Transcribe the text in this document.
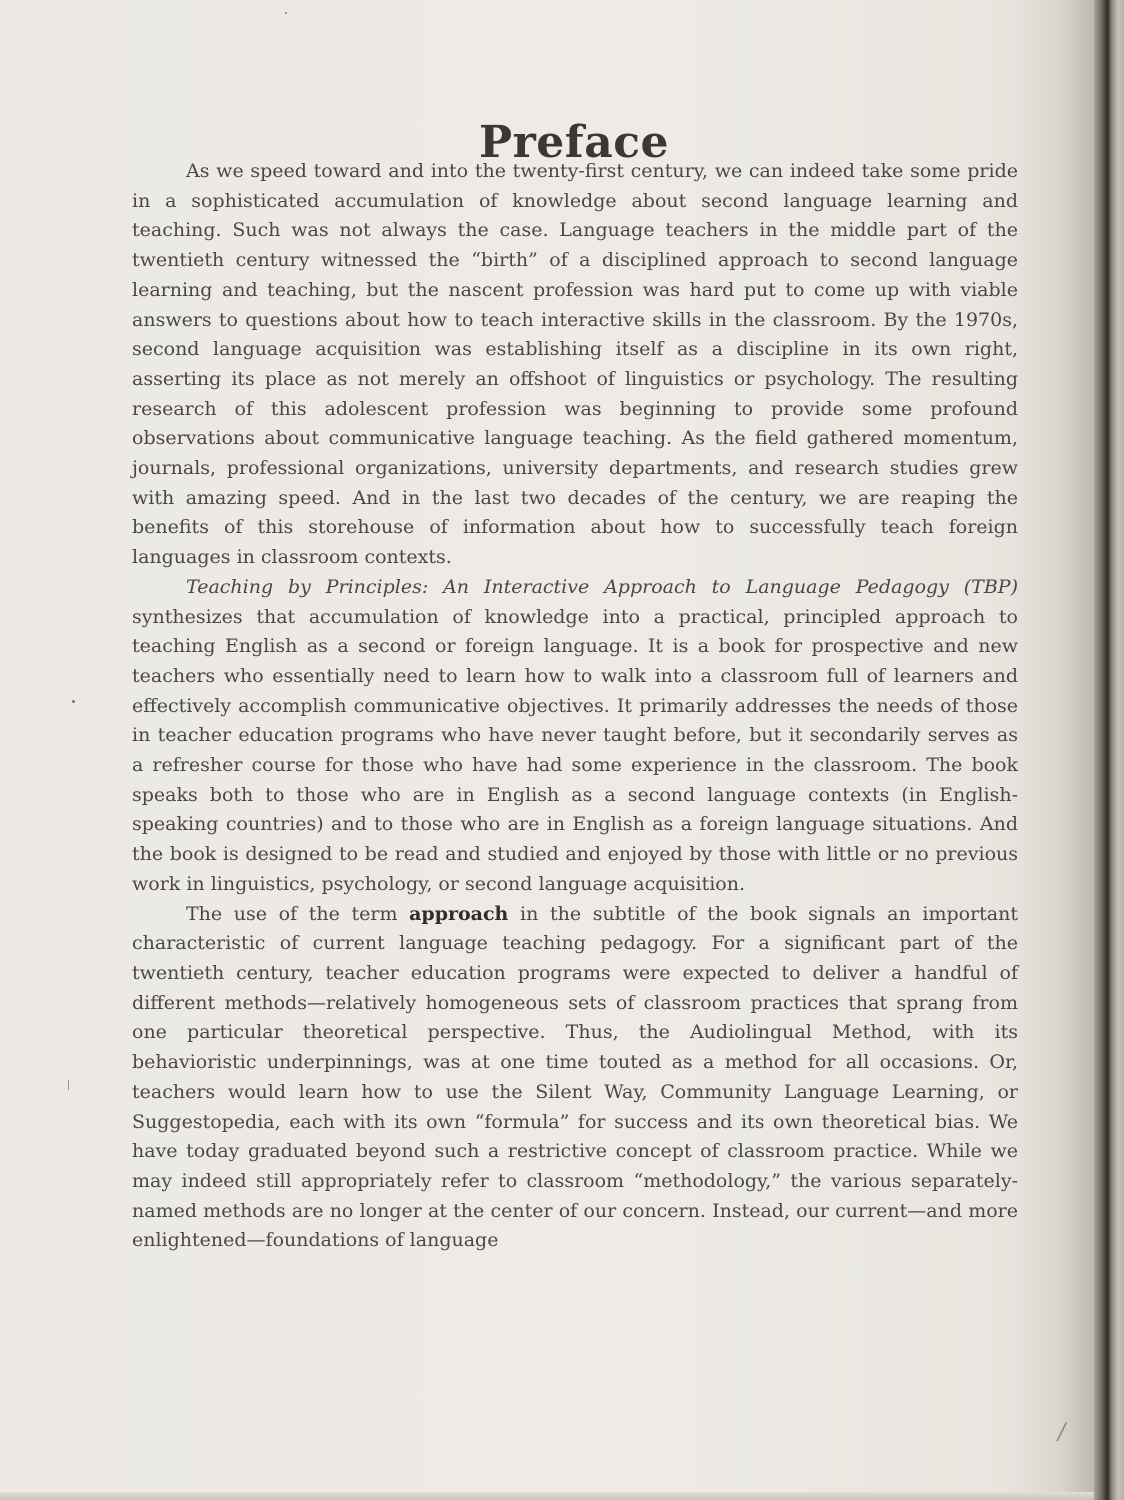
Preface

As we speed toward and into the twenty-first century, we can indeed take some pride in a sophisticated accumulation of knowledge about second language learning and teaching. Such was not always the case. Language teachers in the middle part of the twentieth century witnessed the “birth” of a disciplined approach to second language learning and teaching, but the nascent profession was hard put to come up with viable answers to questions about how to teach interactive skills in the classroom. By the 1970s, second language acquisition was establishing itself as a discipline in its own right, asserting its place as not merely an offshoot of linguistics or psychology. The resulting research of this adolescent profession was beginning to provide some profound observations about communicative language teaching. As the field gathered momentum, journals, professional organizations, university departments, and research studies grew with amazing speed. And in the last two decades of the century, we are reaping the benefits of this storehouse of information about how to successfully teach foreign languages in classroom contexts.

Teaching by Principles: An Interactive Approach to Language Pedagogy (TBP) synthesizes that accumulation of knowledge into a practical, principled approach to teaching English as a second or foreign language. It is a book for prospective and new teachers who essentially need to learn how to walk into a classroom full of learners and effectively accomplish communicative objectives. It primarily addresses the needs of those in teacher education programs who have never taught before, but it secondarily serves as a refresher course for those who have had some experience in the classroom. The book speaks both to those who are in English as a second language contexts (in English-speaking countries) and to those who are in English as a foreign language situations. And the book is designed to be read and studied and enjoyed by those with little or no previous work in linguistics, psychology, or second language acquisition.

The use of the term approach in the subtitle of the book signals an important characteristic of current language teaching pedagogy. For a significant part of the twentieth century, teacher education programs were expected to deliver a handful of different methods—relatively homogeneous sets of classroom practices that sprang from one particular theoretical perspective. Thus, the Audiolingual Method, with its behavioristic underpinnings, was at one time touted as a method for all occasions. Or, teachers would learn how to use the Silent Way, Community Language Learning, or Suggestopedia, each with its own “formula” for success and its own theoretical bias. We have today graduated beyond such a restrictive concept of classroom practice. While we may indeed still appropriately refer to classroom “methodology,” the various separately-named methods are no longer at the center of our concern. Instead, our current—and more enlightened—foundations of language

/
